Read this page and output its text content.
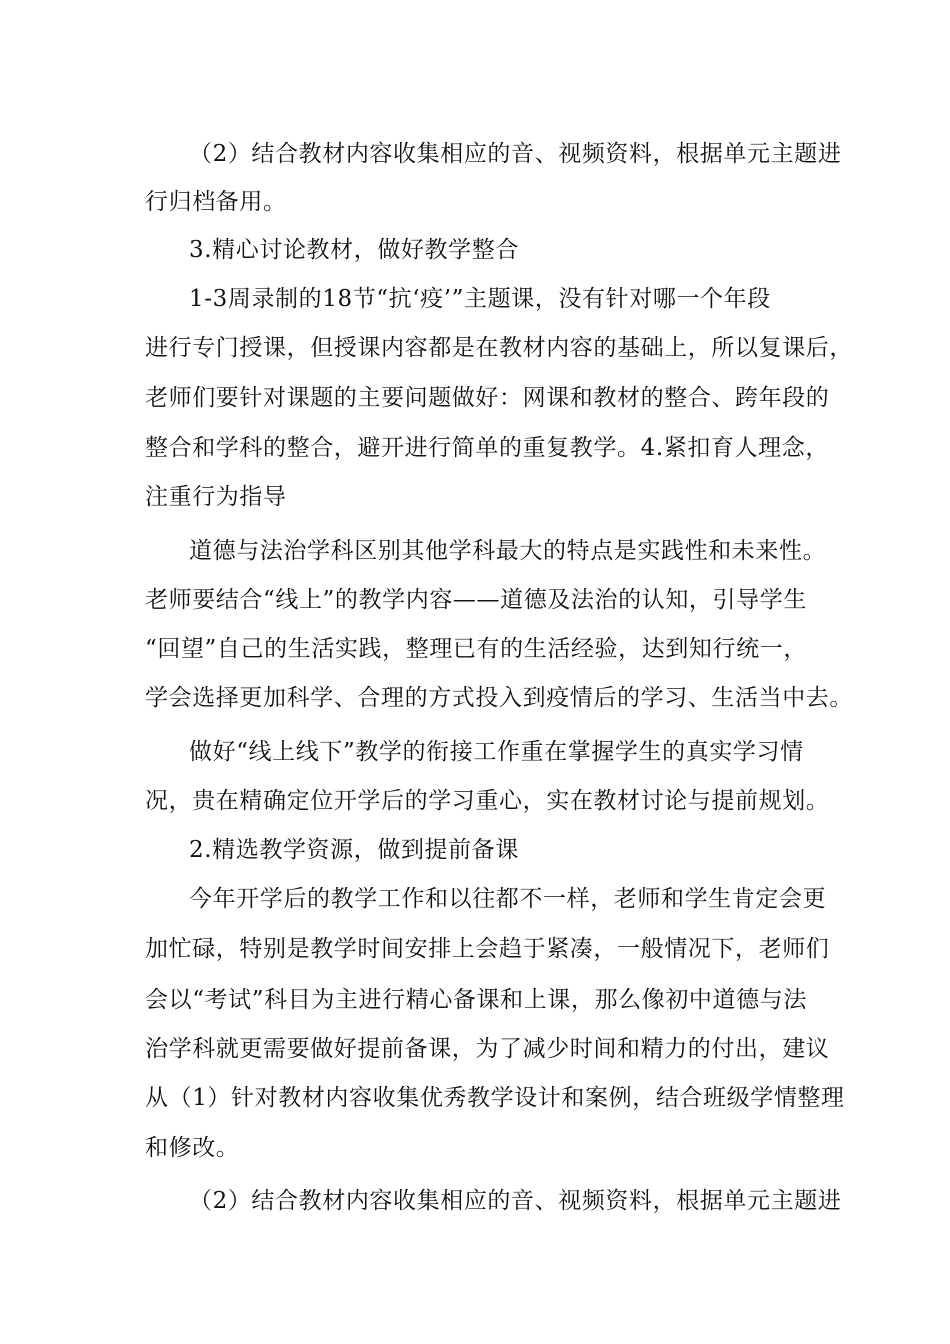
（2）结合教材内容收集相应的音、视频资料，根据单元主题进
行归档备用。
3.精心讨论教材，做好教学整合
1-3周录制的18节“抗‘疫’”主题课，没有针对哪一个年段
进行专门授课，但授课内容都是在教材内容的基础上，所以复课后，
老师们要针对课题的主要问题做好：网课和教材的整合、跨年段的
整合和学科的整合，避开进行简单的重复教学。4.紧扣育人理念，
注重行为指导
道德与法治学科区别其他学科最大的特点是实践性和未来性。
老师要结合“线上”的教学内容——道德及法治的认知，引导学生
“回望”自己的生活实践，整理已有的生活经验，达到知行统一，
学会选择更加科学、合理的方式投入到疫情后的学习、生活当中去。
做好“线上线下”教学的衔接工作重在掌握学生的真实学习情
况，贵在精确定位开学后的学习重心，实在教材讨论与提前规划。
2.精选教学资源，做到提前备课
今年开学后的教学工作和以往都不一样，老师和学生肯定会更
加忙碌，特别是教学时间安排上会趋于紧凑，一般情况下，老师们
会以“考试”科目为主进行精心备课和上课，那么像初中道德与法
治学科就更需要做好提前备课，为了减少时间和精力的付出，建议
从（1）针对教材内容收集优秀教学设计和案例，结合班级学情整理
和修改。
（2）结合教材内容收集相应的音、视频资料，根据单元主题进
